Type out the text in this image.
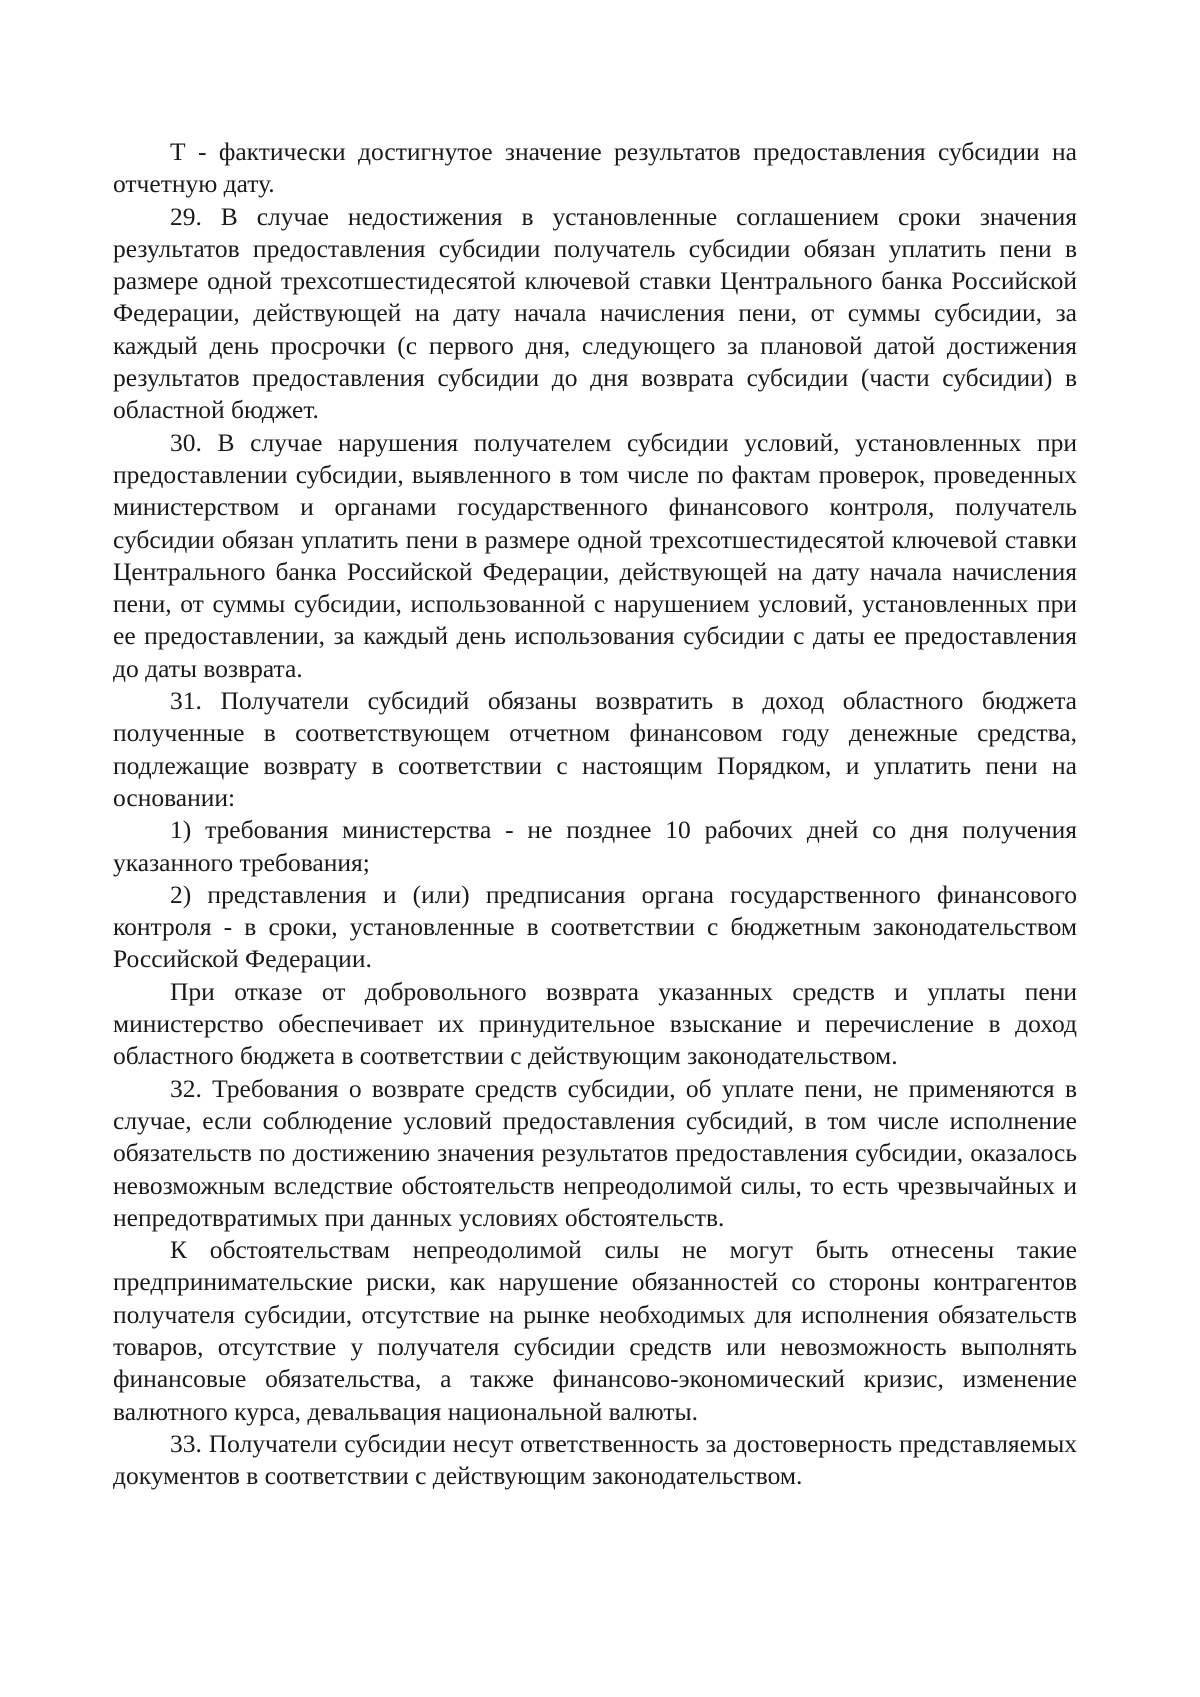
Т - фактически достигнутое значение результатов предоставления субсидии на отчетную дату.

29. В случае недостижения в установленные соглашением сроки значения результатов предоставления субсидии получатель субсидии обязан уплатить пени в размере одной трехсотшестидесятой ключевой ставки Центрального банка Российской Федерации, действующей на дату начала начисления пени, от суммы субсидии, за каждый день просрочки (с первого дня, следующего за плановой датой достижения результатов предоставления субсидии до дня возврата субсидии (части субсидии) в областной бюджет.

30. В случае нарушения получателем субсидии условий, установленных при предоставлении субсидии, выявленного в том числе по фактам проверок, проведенных министерством и органами государственного финансового контроля, получатель субсидии обязан уплатить пени в размере одной трехсотшестидесятой ключевой ставки Центрального банка Российской Федерации, действующей на дату начала начисления пени, от суммы субсидии, использованной с нарушением условий, установленных при ее предоставлении, за каждый день использования субсидии с даты ее предоставления до даты возврата.

31. Получатели субсидий обязаны возвратить в доход областного бюджета полученные в соответствующем отчетном финансовом году денежные средства, подлежащие возврату в соответствии с настоящим Порядком, и уплатить пени на основании:

1) требования министерства - не позднее 10 рабочих дней со дня получения указанного требования;

2) представления и (или) предписания органа государственного финансового контроля - в сроки, установленные в соответствии с бюджетным законодательством Российской Федерации.

При отказе от добровольного возврата указанных средств и уплаты пени министерство обеспечивает их принудительное взыскание и перечисление в доход областного бюджета в соответствии с действующим законодательством.

32. Требования о возврате средств субсидии, об уплате пени, не применяются в случае, если соблюдение условий предоставления субсидий, в том числе исполнение обязательств по достижению значения результатов предоставления субсидии, оказалось невозможным вследствие обстоятельств непреодолимой силы, то есть чрезвычайных и непредотвратимых при данных условиях обстоятельств.

К обстоятельствам непреодолимой силы не могут быть отнесены такие предпринимательские риски, как нарушение обязанностей со стороны контрагентов получателя субсидии, отсутствие на рынке необходимых для исполнения обязательств товаров, отсутствие у получателя субсидии средств или невозможность выполнять финансовые обязательства, а также финансово-экономический кризис, изменение валютного курса, девальвация национальной валюты.

33. Получатели субсидии несут ответственность за достоверность представляемых документов в соответствии с действующим законодательством.
